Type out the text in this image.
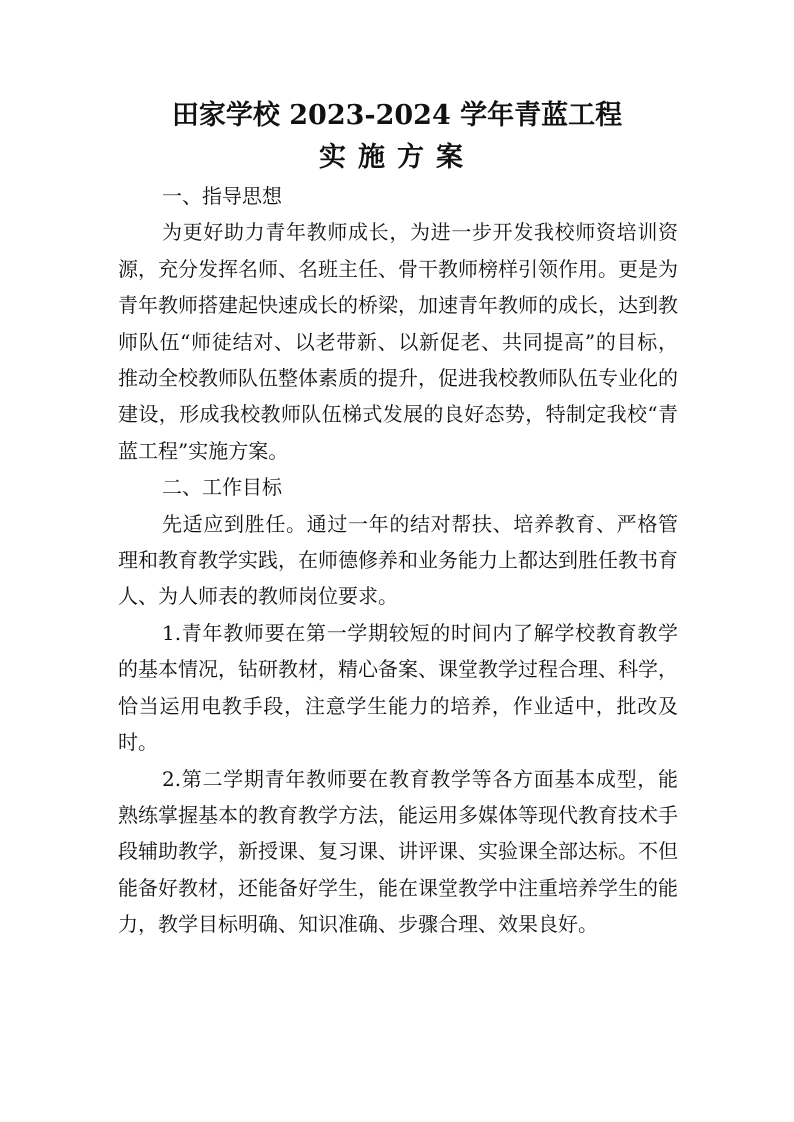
田家学校 2023-2024 学年青蓝工程
实施方案

一、指导思想

为更好助力青年教师成长，为进一步开发我校师资培训资源，充分发挥名师、名班主任、骨干教师榜样引领作用。更是为青年教师搭建起快速成长的桥梁，加速青年教师的成长，达到教师队伍“师徒结对、以老带新、以新促老、共同提高”的目标，推动全校教师队伍整体素质的提升，促进我校教师队伍专业化的建设，形成我校教师队伍梯式发展的良好态势，特制定我校“青蓝工程”实施方案。

二、工作目标

先适应到胜任。通过一年的结对帮扶、培养教育、严格管理和教育教学实践，在师德修养和业务能力上都达到胜任教书育人、为人师表的教师岗位要求。

1.青年教师要在第一学期较短的时间内了解学校教育教学的基本情况，钻研教材，精心备案、课堂教学过程合理、科学，恰当运用电教手段，注意学生能力的培养，作业适中，批改及时。

2.第二学期青年教师要在教育教学等各方面基本成型，能熟练掌握基本的教育教学方法，能运用多媒体等现代教育技术手段辅助教学，新授课、复习课、讲评课、实验课全部达标。不但能备好教材，还能备好学生，能在课堂教学中注重培养学生的能力，教学目标明确、知识准确、步骤合理、效果良好。
